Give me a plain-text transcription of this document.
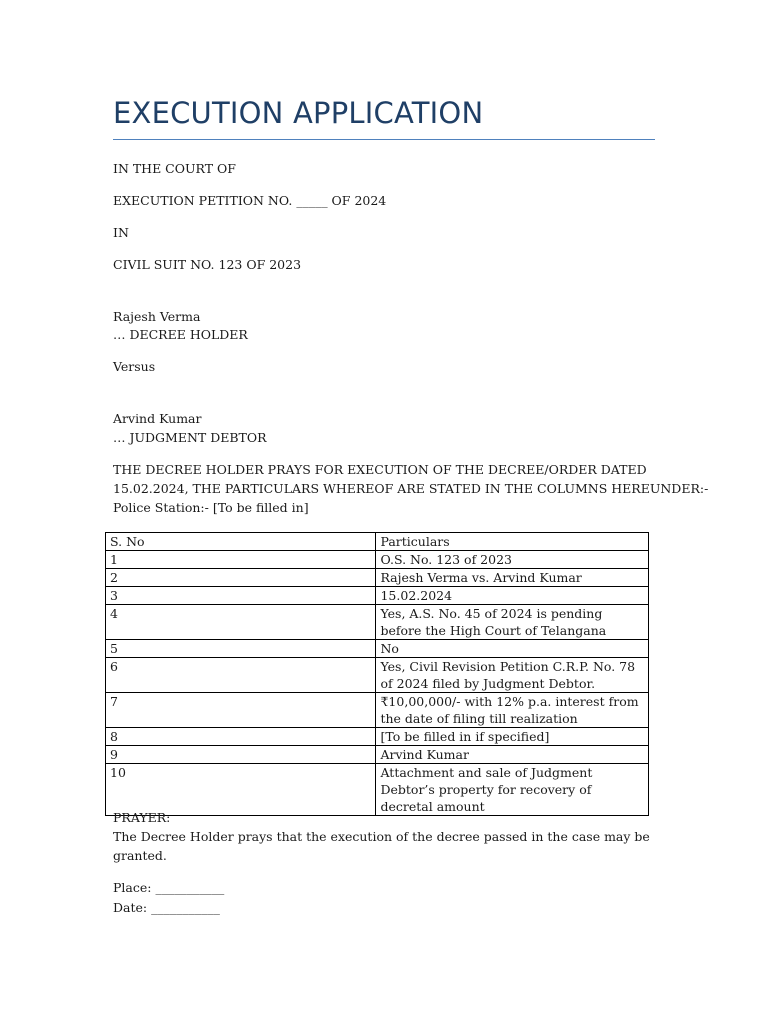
EXECUTION APPLICATION
IN THE COURT OF
EXECUTION PETITION NO. _____ OF 2024
IN
CIVIL SUIT NO. 123 OF 2023
Rajesh Verma
… DECREE HOLDER
Versus
Arvind Kumar
… JUDGMENT DEBTOR
THE DECREE HOLDER PRAYS FOR EXECUTION OF THE DECREE/ORDER DATED
15.02.2024, THE PARTICULARS WHEREOF ARE STATED IN THE COLUMNS HEREUNDER:-
Police Station:- [To be filled in]
S. No	Particulars
1	O.S. No. 123 of 2023
2	Rajesh Verma vs. Arvind Kumar
3	15.02.2024
4	Yes, A.S. No. 45 of 2024 is pending before the High Court of Telangana
5	No
6	Yes, Civil Revision Petition C.R.P. No. 78 of 2024 filed by Judgment Debtor.
7	₹10,00,000/- with 12% p.a. interest from the date of filing till realization
8	[To be filled in if specified]
9	Arvind Kumar
10	Attachment and sale of Judgment Debtor’s property for recovery of decretal amount
PRAYER:
The Decree Holder prays that the execution of the decree passed in the case may be granted.
Place: ___________
Date: ___________
